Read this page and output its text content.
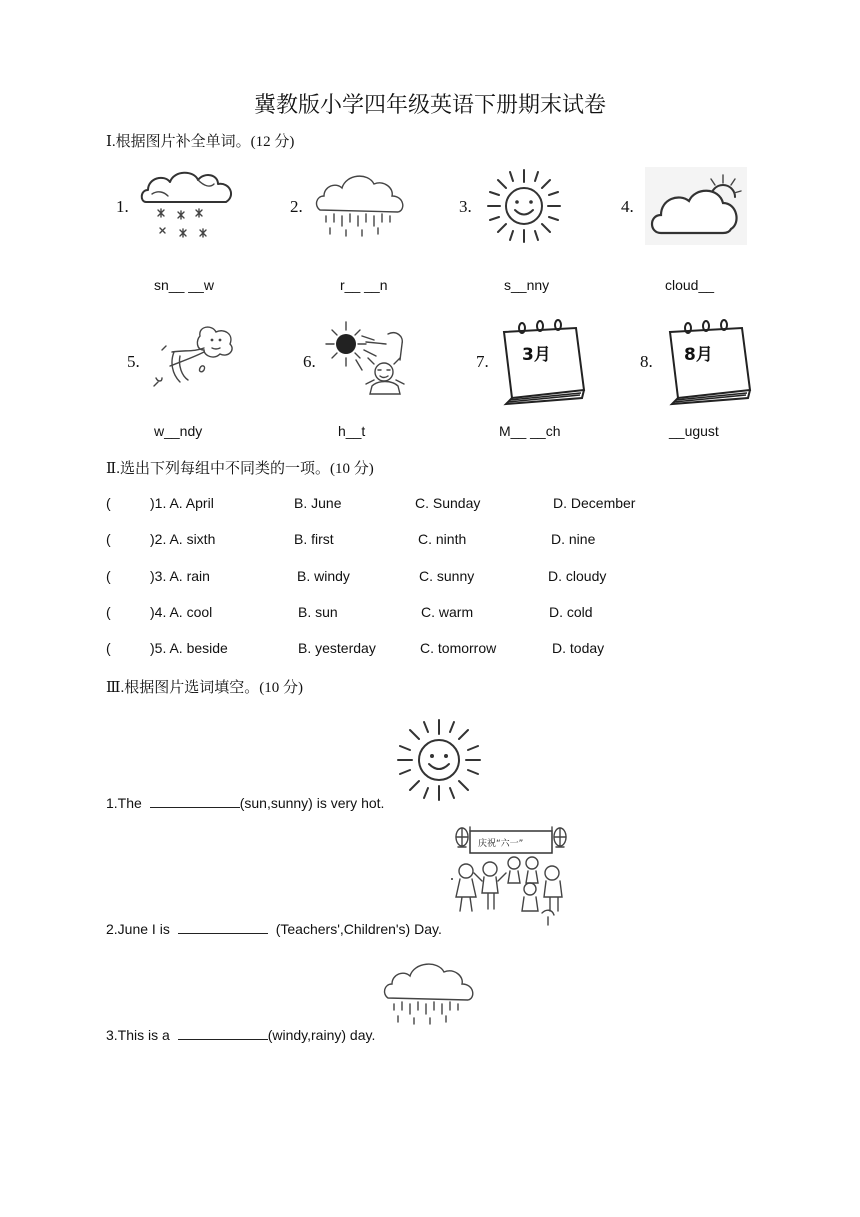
冀教版小学四年级英语下册期末试卷
Ⅰ.根据图片补全单词。(12 分)
1.	2.	3.	4.
sn__ __w	r__ __n	s__nny	cloud__
5.	6.	7.	8.
3月	8月
w__ndy	h__t	M__ __ch	__ugust
Ⅱ.选出下列每组中不同类的一项。(10 分)
(	)1. A. April	B. June	C. Sunday	D. December
(	)2. A. sixth	B. first	C. ninth	D. nine
(	)3. A. rain	B. windy	C. sunny	D. cloudy
(	)4. A. cool	B. sun	C. warm	D. cold
(	)5. A. beside	B. yesterday	C. tomorrow	D. today
Ⅲ.根据图片选词填空。(10 分)
1.The	(sun,sunny) is very hot.
庆祝“六一”
2.June I is	(Teachers',Children's) Day.
3.This is a	(windy,rainy) day.
